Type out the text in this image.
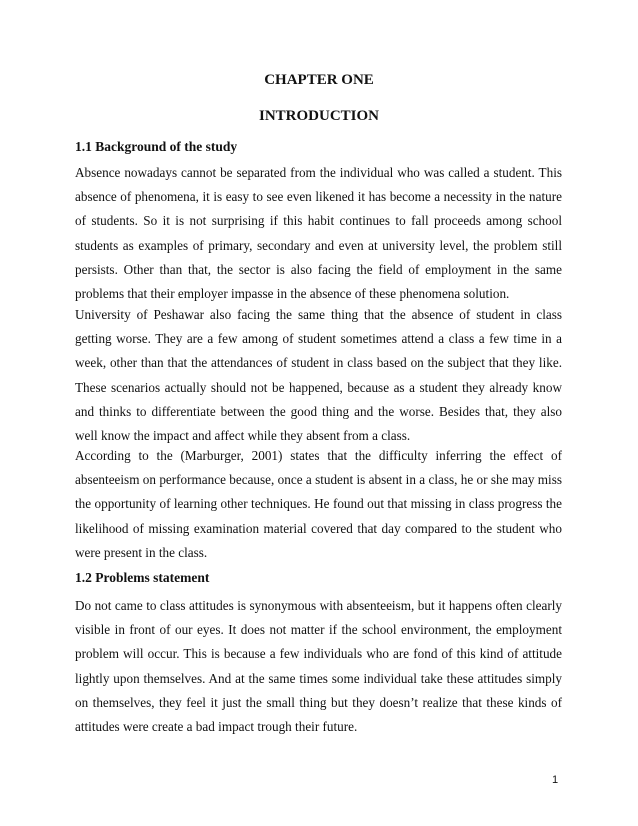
CHAPTER ONE
INTRODUCTION
1.1 Background of the study

Absence nowadays cannot be separated from the individual who was called a student. This absence of phenomena, it is easy to see even likened it has become a necessity in the nature of students. So it is not surprising if this habit continues to fall proceeds among school students as examples of primary, secondary and even at university level, the problem still persists. Other than that, the sector is also facing the field of employment in the same problems that their employer impasse in the absence of these phenomena solution.

University of Peshawar also facing the same thing that the absence of student in class getting worse. They are a few among of student sometimes attend a class a few time in a week, other than that the attendances of student in class based on the subject that they like. These scenarios actually should not be happened, because as a student they already know and thinks to differentiate between the good thing and the worse. Besides that, they also well know the impact and affect while they absent from a class.

According to the (Marburger, 2001) states that the difficulty inferring the effect of absenteeism on performance because, once a student is absent in a class, he or she may miss the opportunity of learning other techniques. He found out that missing in class progress the likelihood of missing examination material covered that day compared to the student who were present in the class.

1.2 Problems statement

Do not came to class attitudes is synonymous with absenteeism, but it happens often clearly visible in front of our eyes. It does not matter if the school environment, the employment problem will occur. This is because a few individuals who are fond of this kind of attitude lightly upon themselves. And at the same times some individual take these attitudes simply on themselves, they feel it just the small thing but they doesn’t realize that these kinds of attitudes were create a bad impact trough their future.

1
